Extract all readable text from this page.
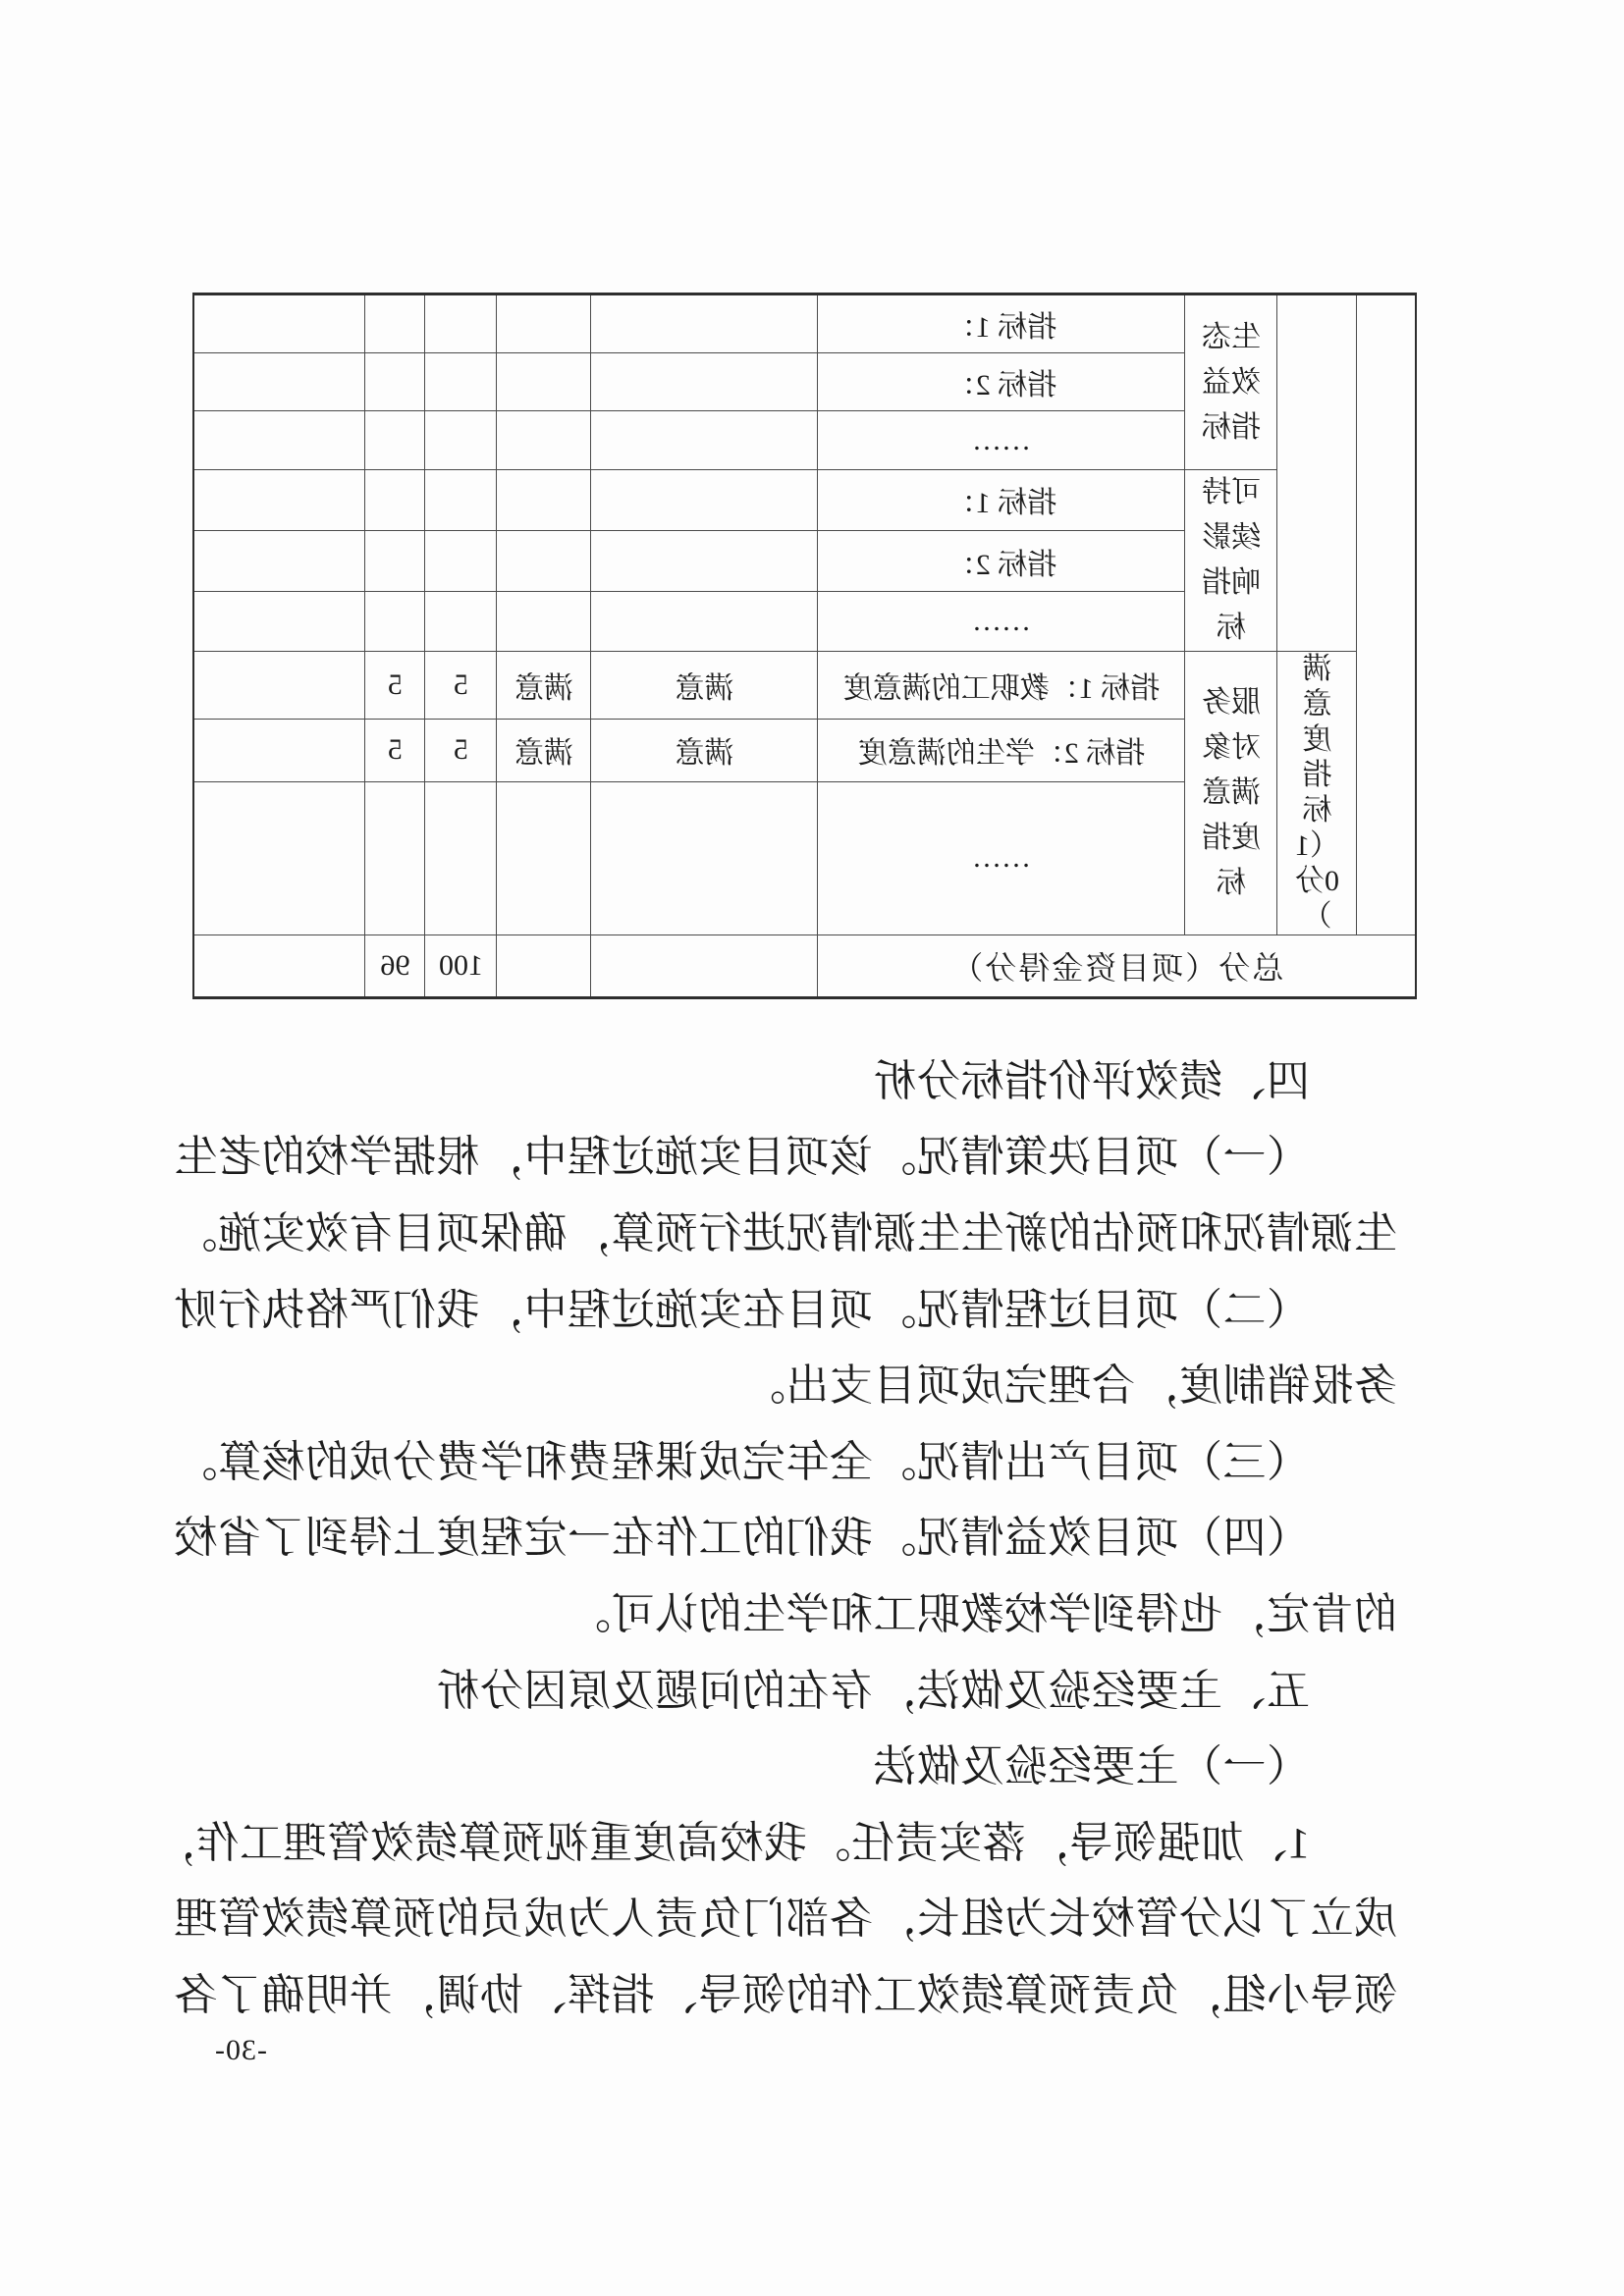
		生态效益指标	指标 1：					
			指标 2：					
			……					
		可持续影响指标	指标 1：					
			指标 2：					
			……					
	满意度指标（10分）	服务对象满意度指标	指标 1：教职工的满意度	满意	满意	5	5	
			指标 2：学生的满意度	满意	满意	5	5	
			……					
总分（项目资金得分）						100	96	
四、绩效评价指标分析
（一）项目决策情况。该项目实施过程中，根据学校的老生
生源情况和预估的新生生源情况进行预算，确保项目有效实施。
（二）项目过程情况。项目在实施过程中，我们严格执行财
务报销制度，合理完成项目支出。
（三）项目产出情况。全年完成课程费和学费分成的核算。
（四）项目效益情况。我们的工作在一定程度上得到了省校
的肯定，也得到学校教职工和学生的认可。
五、主要经验及做法，存在的问题及原因分析
（一）主要经验及做法
1、加强领导，落实责任。我校高度重视预算绩效管理工作，
成立了以分管校长为组长，各部门负责人为成员的预算绩效管理
领导小组，负责预算绩效工作的领导、指挥、协调，并明确了各
-30-
